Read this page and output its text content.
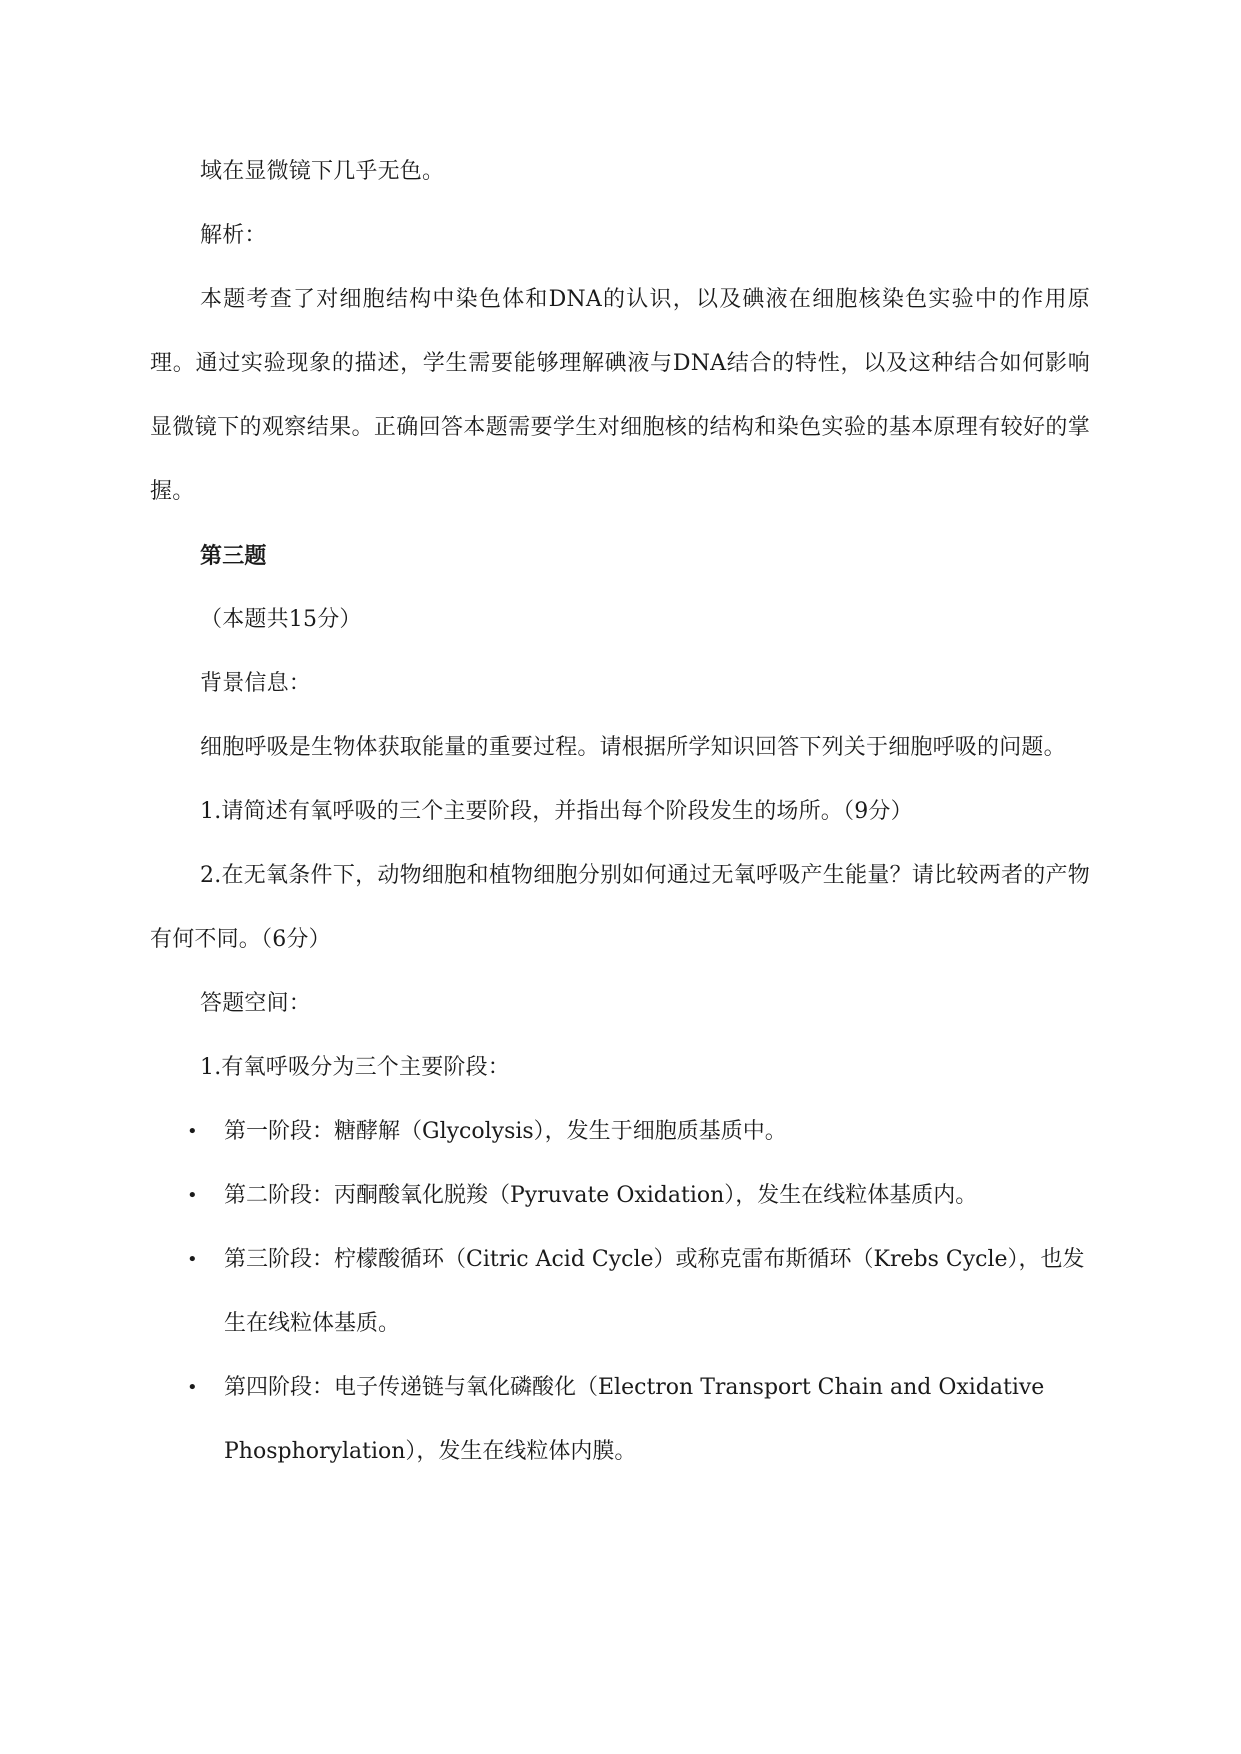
域在显微镜下几乎无色。

解析：

本题考查了对细胞结构中染色体和DNA的认识，以及碘液在细胞核染色实验中的作用原理。通过实验现象的描述，学生需要能够理解碘液与DNA结合的特性，以及这种结合如何影响显微镜下的观察结果。正确回答本题需要学生对细胞核的结构和染色实验的基本原理有较好的掌握。

第三题

（本题共15分）

背景信息：

细胞呼吸是生物体获取能量的重要过程。请根据所学知识回答下列关于细胞呼吸的问题。

1.请简述有氧呼吸的三个主要阶段，并指出每个阶段发生的场所。（9分）

2.在无氧条件下，动物细胞和植物细胞分别如何通过无氧呼吸产生能量？请比较两者的产物有何不同。（6分）

答题空间：

1.有氧呼吸分为三个主要阶段：

• 第一阶段：糖酵解（Glycolysis），发生于细胞质基质中。
• 第二阶段：丙酮酸氧化脱羧（Pyruvate Oxidation），发生在线粒体基质内。
• 第三阶段：柠檬酸循环（Citric Acid Cycle）或称克雷布斯循环（Krebs Cycle），也发生在线粒体基质。
• 第四阶段：电子传递链与氧化磷酸化（Electron Transport Chain and Oxidative Phosphorylation），发生在线粒体内膜。
